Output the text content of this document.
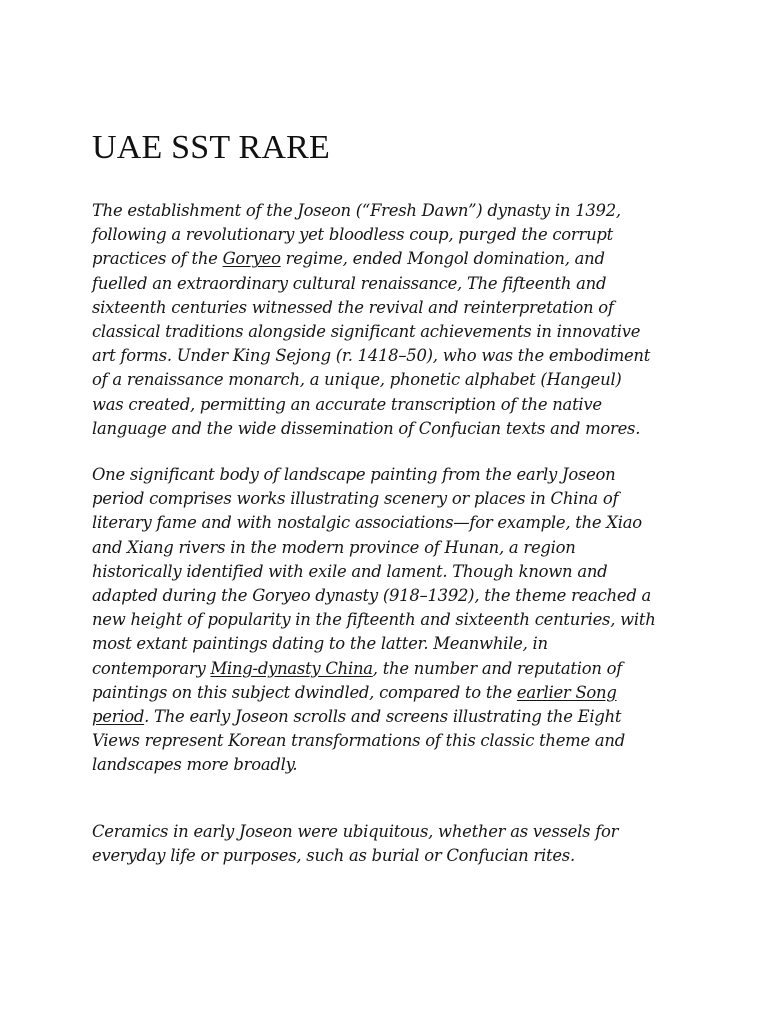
UAE SST RARE

The establishment of the Joseon (“Fresh Dawn”) dynasty in 1392,
following a revolutionary yet bloodless coup, purged the corrupt
practices of the Goryeo regime, ended Mongol domination, and
fuelled an extraordinary cultural renaissance, The fifteenth and
sixteenth centuries witnessed the revival and reinterpretation of
classical traditions alongside significant achievements in innovative
art forms. Under King Sejong (r. 1418–50), who was the embodiment
of a renaissance monarch, a unique, phonetic alphabet (Hangeul)
was created, permitting an accurate transcription of the native
language and the wide dissemination of Confucian texts and mores.

One significant body of landscape painting from the early Joseon
period comprises works illustrating scenery or places in China of
literary fame and with nostalgic associations—for example, the Xiao
and Xiang rivers in the modern province of Hunan, a region
historically identified with exile and lament. Though known and
adapted during the Goryeo dynasty (918–1392), the theme reached a
new height of popularity in the fifteenth and sixteenth centuries, with
most extant paintings dating to the latter. Meanwhile, in
contemporary Ming-dynasty China, the number and reputation of
paintings on this subject dwindled, compared to the earlier Song
period. The early Joseon scrolls and screens illustrating the Eight
Views represent Korean transformations of this classic theme and
landscapes more broadly.

Ceramics in early Joseon were ubiquitous, whether as vessels for
everyday life or purposes, such as burial or Confucian rites.
